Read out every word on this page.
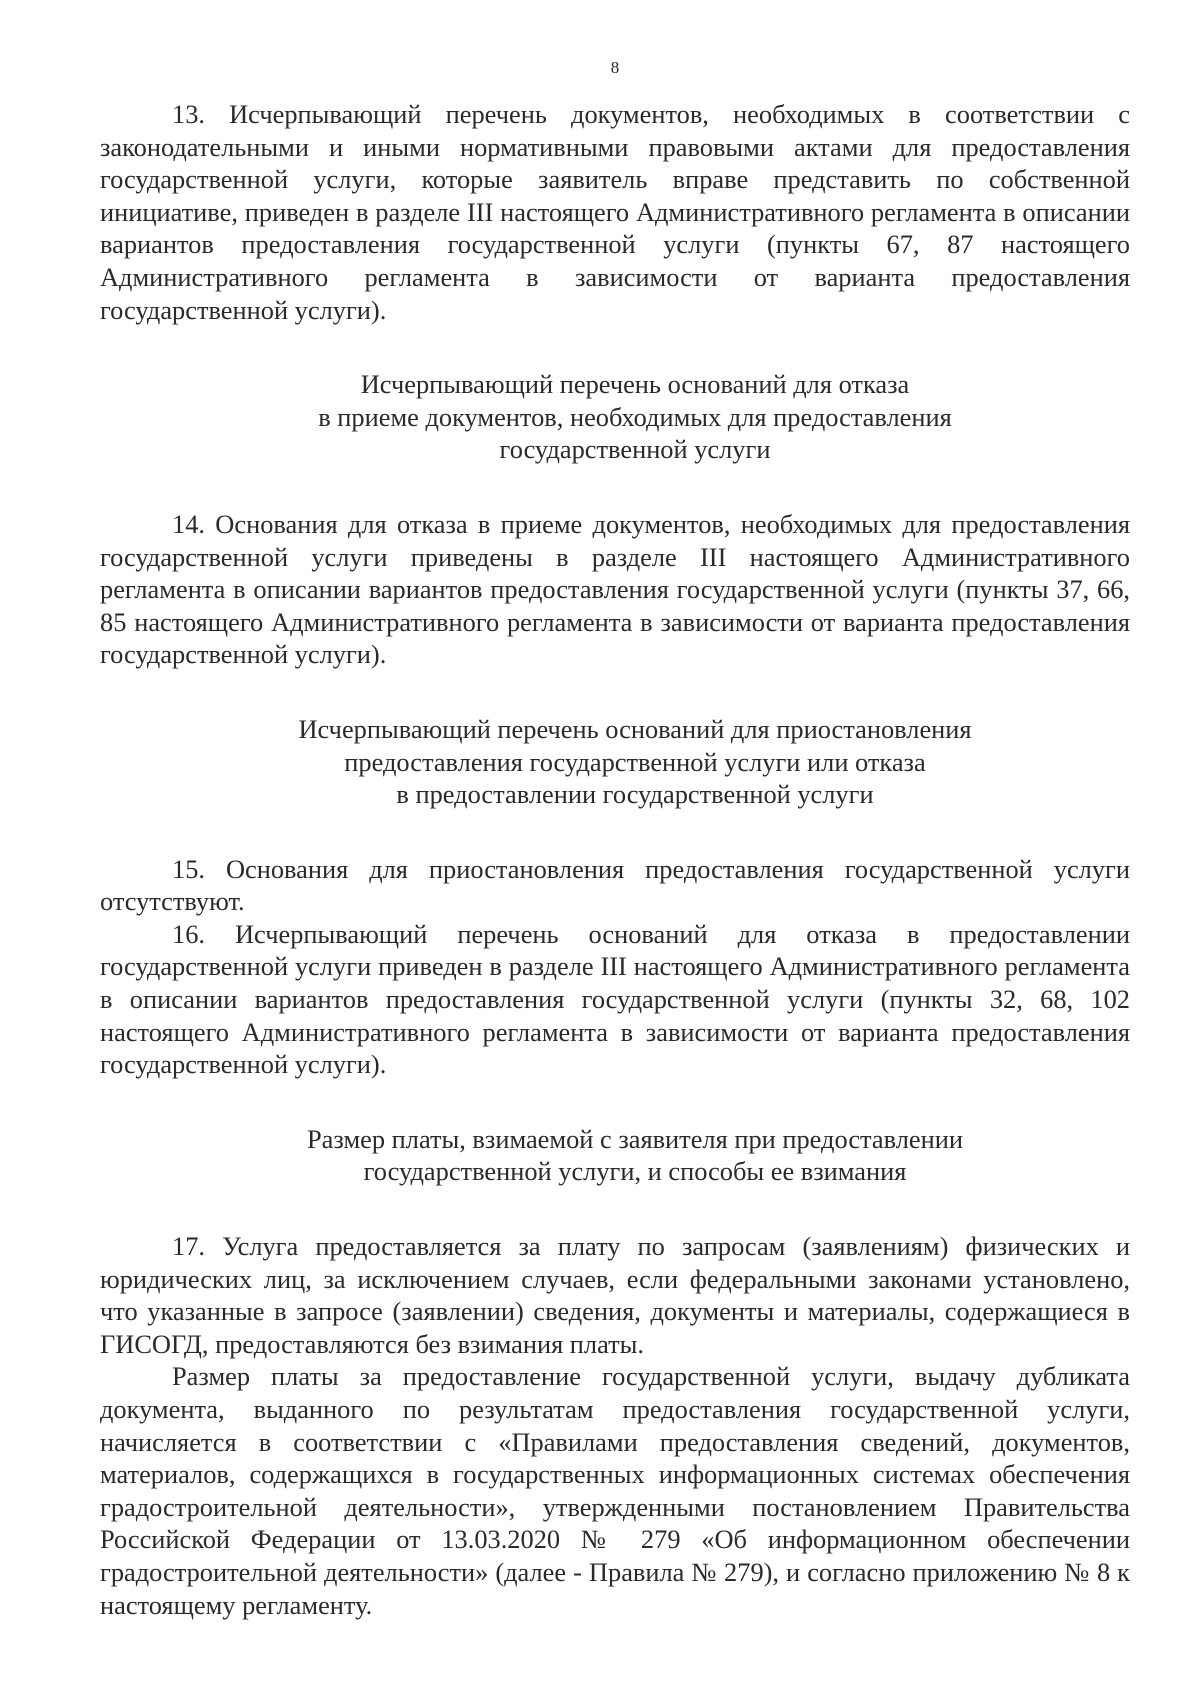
8

13. Исчерпывающий перечень документов, необходимых в соответствии с законодательными и иными нормативными правовыми актами для предоставления государственной услуги, которые заявитель вправе представить по собственной инициативе, приведен в разделе III настоящего Административного регламента в описании вариантов предоставления государственной услуги (пункты 67, 87 настоящего Административного регламента в зависимости от варианта предоставления государственной услуги).

Исчерпывающий перечень оснований для отказа
в приеме документов, необходимых для предоставления
государственной услуги

14. Основания для отказа в приеме документов, необходимых для предоставления государственной услуги приведены в разделе III настоящего Административного регламента в описании вариантов предоставления государственной услуги (пункты 37, 66, 85 настоящего Административного регламента в зависимости от варианта предоставления государственной услуги).

Исчерпывающий перечень оснований для приостановления
предоставления государственной услуги или отказа
в предоставлении государственной услуги

15. Основания для приостановления предоставления государственной услуги отсутствуют.

16. Исчерпывающий перечень оснований для отказа в предоставлении государственной услуги приведен в разделе III настоящего Административного регламента в описании вариантов предоставления государственной услуги (пункты 32, 68, 102 настоящего Административного регламента в зависимости от варианта предоставления государственной услуги).

Размер платы, взимаемой с заявителя при предоставлении
государственной услуги, и способы ее взимания

17. Услуга предоставляется за плату по запросам (заявлениям) физических и юридических лиц, за исключением случаев, если федеральными законами установлено, что указанные в запросе (заявлении) сведения, документы и материалы, содержащиеся в ГИСОГД, предоставляются без взимания платы.

Размер платы за предоставление государственной услуги, выдачу дубликата документа, выданного по результатам предоставления государственной услуги, начисляется в соответствии с «Правилами предоставления сведений, документов, материалов, содержащихся в государственных информационных системах обеспечения градостроительной деятельности», утвержденными постановлением Правительства Российской Федерации от 13.03.2020 № 279 «Об информационном обеспечении градостроительной деятельности» (далее - Правила № 279), и согласно приложению № 8 к настоящему регламенту.
